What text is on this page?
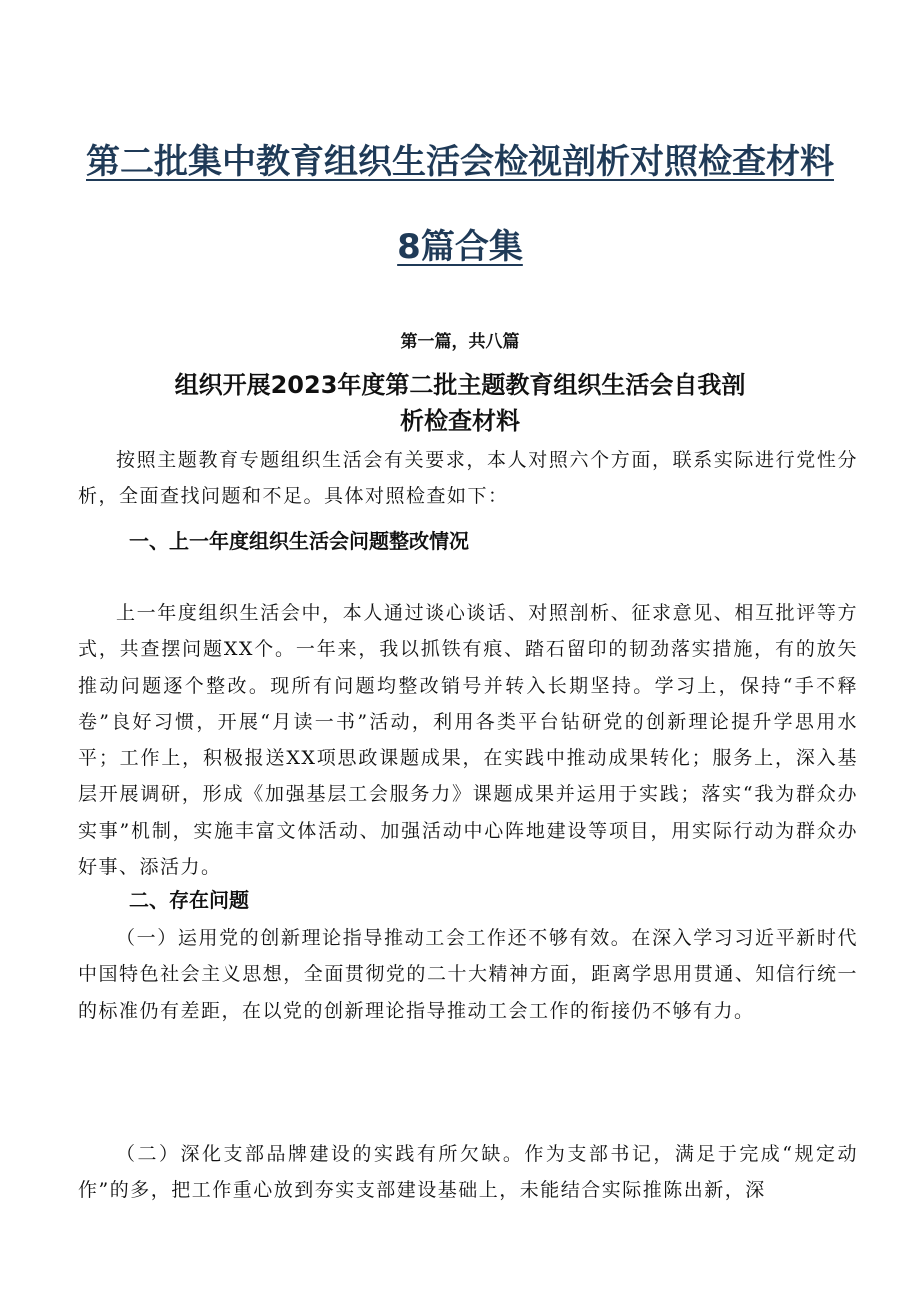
第二批集中教育组织生活会检视剖析对照检查材料
8篇合集
第一篇，共八篇
组织开展2023年度第二批主题教育组织生活会自我剖
析检查材料
按照主题教育专题组织生活会有关要求，本人对照六个方面，联系实际进行党性分析，全面查找问题和不足。具体对照检查如下：
一、上一年度组织生活会问题整改情况
上一年度组织生活会中，本人通过谈心谈话、对照剖析、征求意见、相互批评等方式，共查摆问题XX个。一年来，我以抓铁有痕、踏石留印的韧劲落实措施，有的放矢推动问题逐个整改。现所有问题均整改销号并转入长期坚持。学习上，保持“手不释卷”良好习惯，开展“月读一书”活动，利用各类平台钻研党的创新理论提升学思用水平；工作上，积极报送XX项思政课题成果，在实践中推动成果转化；服务上，深入基层开展调研，形成《加强基层工会服务力》课题成果并运用于实践；落实“我为群众办实事”机制，实施丰富文体活动、加强活动中心阵地建设等项目，用实际行动为群众办好事、添活力。
二、存在问题
（一）运用党的创新理论指导推动工会工作还不够有效。在深入学习习近平新时代中国特色社会主义思想，全面贯彻党的二十大精神方面，距离学思用贯通、知信行统一的标准仍有差距，在以党的创新理论指导推动工会工作的衔接仍不够有力。
（二）深化支部品牌建设的实践有所欠缺。作为支部书记，满足于完成“规定动作”的多，把工作重心放到夯实支部建设基础上，未能结合实际推陈出新，深
